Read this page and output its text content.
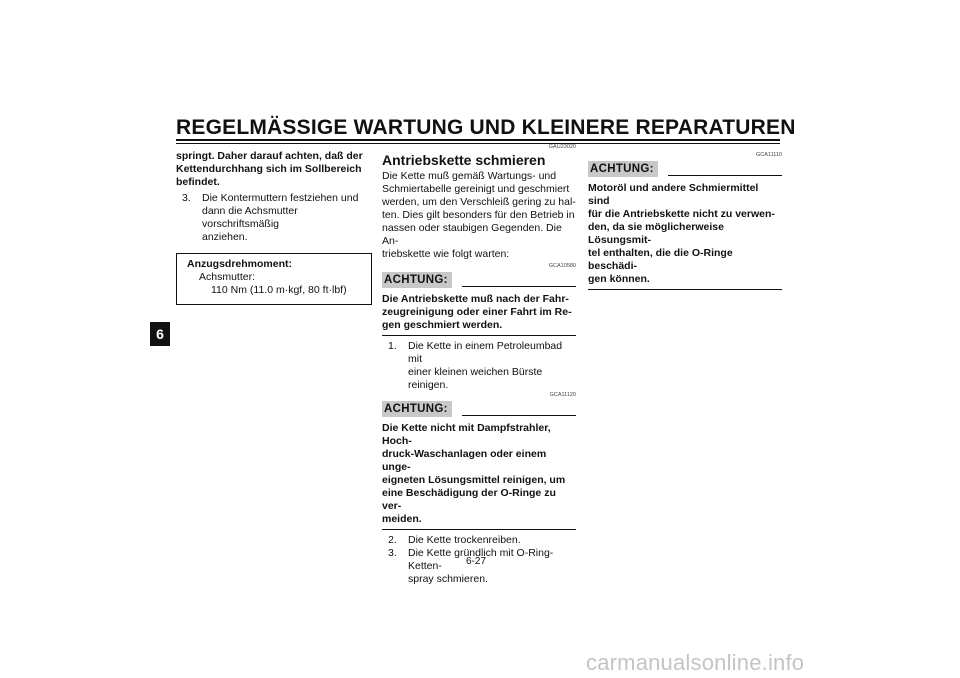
REGELMÄSSIGE WARTUNG UND KLEINERE REPARATUREN
6

springt. Daher darauf achten, daß der

Kettendurchhang sich im Sollbereich

befindet.

3.	Die Kontermuttern festziehen und
dann die Achsmutter vorschriftsmäßig
anziehen.
Anzugsdrehmoment:
Achsmutter:
110 Nm (11.0 m·kgf, 80 ft·lbf)
GAU23020
Antriebskette schmieren

Die Kette muß gemäß Wartungs- und

Schmiertabelle gereinigt und geschmiert

werden, um den Verschleiß gering zu hal-

ten. Dies gilt besonders für den Betrieb in

nassen oder staubigen Gegenden. Die An-

triebskette wie folgt warten:

GCA10580
ACHTUNG:
Die Antriebskette muß nach der Fahr-
zeugreinigung oder einer Fahrt im Re-
gen geschmiert werden.
1.	Die Kette in einem Petroleumbad mit
einer kleinen weichen Bürste reinigen.
GCA11120
ACHTUNG:
Die Kette nicht mit Dampfstrahler, Hoch-
druck-Waschanlagen oder einem unge-
eigneten Lösungsmittel reinigen, um
eine Beschädigung der O-Ringe zu ver-
meiden.
2.	Die Kette trockenreiben.
3.	Die Kette gründlich mit O-Ring-Ketten-
spray schmieren.
GCA11110
ACHTUNG:
Motoröl und andere Schmiermittel sind
für die Antriebskette nicht zu verwen-
den, da sie möglicherweise Lösungsmit-
tel enthalten, die die O-Ringe beschädi-
gen können.
6-27
carmanualsonline.info
